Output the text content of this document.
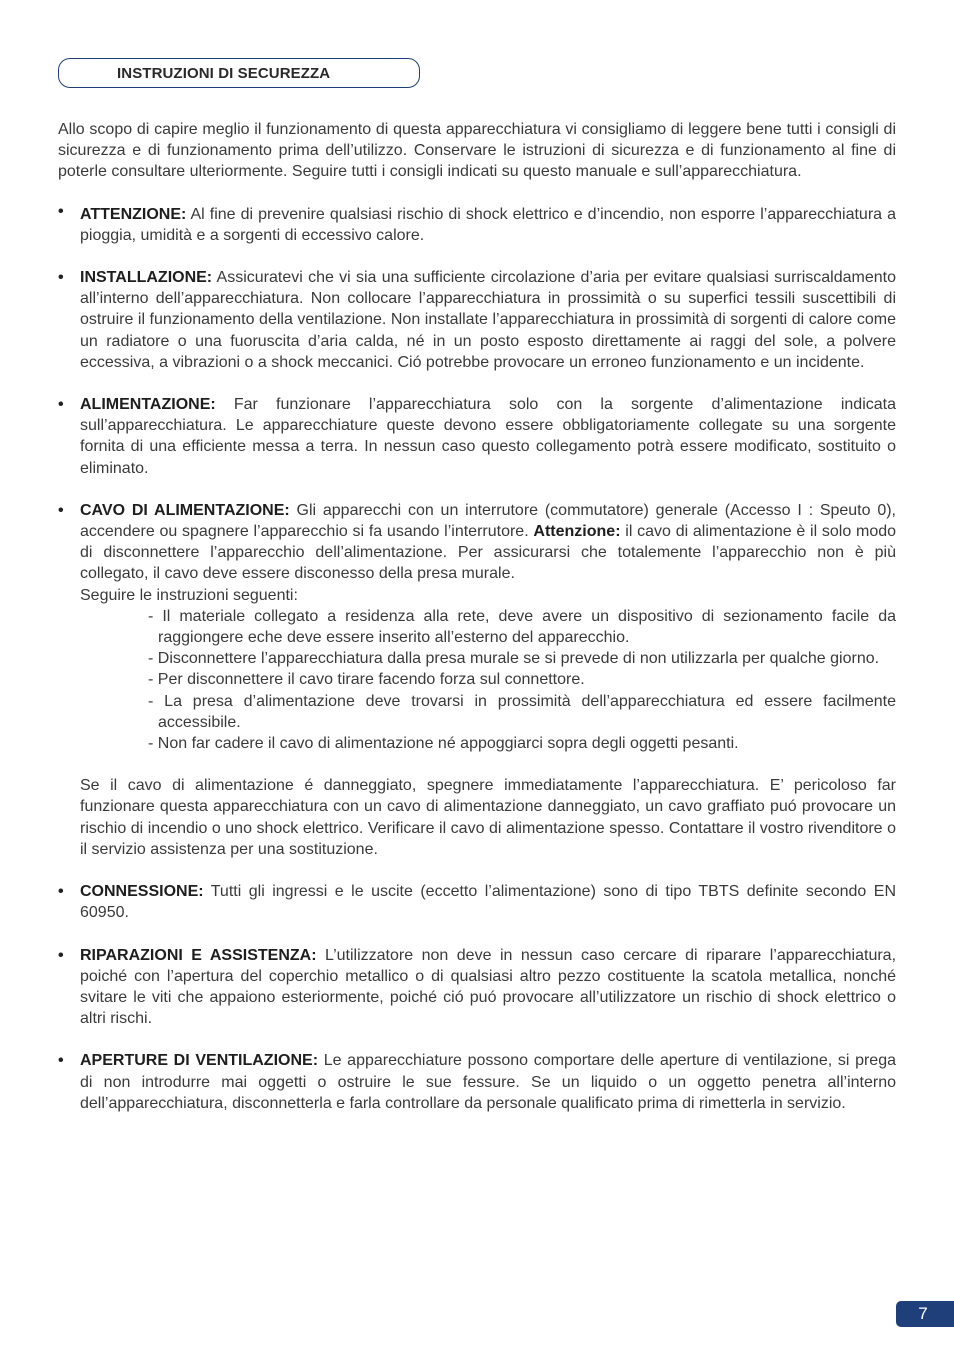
INSTRUZIONI DI SECUREZZA

Allo scopo di capire meglio il funzionamento di questa apparecchiatura vi consigliamo di leggere bene tutti i consigli di sicurezza e di funzionamento prima dell’utilizzo. Conservare le istruzioni di sicurezza e di funzionamento al fine di poterle consultare ulteriormente. Seguire tutti i consigli indicati su questo manuale e sull’apparecchiatura.

• ATTENZIONE: Al fine di prevenire qualsiasi rischio di shock elettrico e d’incendio, non esporre l’apparecchiatura a pioggia, umidità e a sorgenti di eccessivo calore.

• INSTALLAZIONE: Assicuratevi che vi sia una sufficiente circolazione d’aria per evitare qualsiasi surriscaldamento all’interno dell’apparecchiatura. Non collocare l’apparecchiatura in prossimità o su superfici tessili suscettibili di ostruire il funzionamento della ventilazione. Non installate l’apparecchiatura in prossimità di sorgenti di calore come un radiatore o una fuoruscita d’aria calda, né in un posto esposto direttamente ai raggi del sole, a polvere eccessiva, a vibrazioni o a shock meccanici. Ció potrebbe provocare un erroneo funzionamento e un incidente.

• ALIMENTAZIONE: Far funzionare l’apparecchiatura solo con la sorgente d’alimentazione indicata sull’apparecchiatura. Le apparecchiature queste devono essere obbligatoriamente collegate su una sorgente fornita di una efficiente messa a terra. In nessun caso questo collegamento potrà essere modificato, sostituito o eliminato.

• CAVO DI ALIMENTAZIONE: Gli apparecchi con un interrutore (commutatore) generale (Accesso I : Speuto 0), accendere ou spagnere l’apparecchio si fa usando l’interrutore. Attenzione: il cavo di alimentazione è il solo modo di disconnettere l’apparecchio dell’alimentazione. Per assicurarsi che totalemente l’apparecchio non è più collegato, il cavo deve essere disconesso della presa murale.

Seguire le instruzioni seguenti:

- Il materiale collegato a residenza alla rete, deve avere un dispositivo di sezionamento facile da raggiongere eche deve essere inserito all’esterno del apparecchio.
- Disconnettere l’apparecchiatura dalla presa murale se si prevede di non utilizzarla per qualche giorno.
- Per disconnettere il cavo tirare facendo forza sul connettore.
- La presa d’alimentazione deve trovarsi in prossimità dell’apparecchiatura ed essere facilmente accessibile.
- Non far cadere il cavo di alimentazione né appoggiarci sopra degli oggetti pesanti.

Se il cavo di alimentazione é danneggiato, spegnere immediatamente l’apparecchiatura. E’ pericoloso far funzionare questa apparecchiatura con un cavo di alimentazione danneggiato, un cavo graffiato puó provocare un rischio di incendio o uno shock elettrico. Verificare il cavo di alimentazione spesso. Contattare il vostro rivenditore o il servizio assistenza per una sostituzione.

• CONNESSIONE: Tutti gli ingressi e le uscite (eccetto l’alimentazione) sono di tipo TBTS definite secondo EN 60950.

• RIPARAZIONI E ASSISTENZA: L’utilizzatore non deve in nessun caso cercare di riparare l’apparecchiatura, poiché con l’apertura del coperchio metallico o di qualsiasi altro pezzo costituente la scatola metallica, nonché svitare le viti che appaiono esteriormente, poiché ció puó provocare all’utilizzatore un rischio di shock elettrico o altri rischi.

• APERTURE DI VENTILAZIONE: Le apparecchiature possono comportare delle aperture di ventilazione, si prega di non introdurre mai oggetti o ostruire le sue fessure. Se un liquido o un oggetto penetra all’interno dell’apparecchiatura, disconnetterla e farla controllare da personale qualificato prima di rimetterla in servizio.

7
